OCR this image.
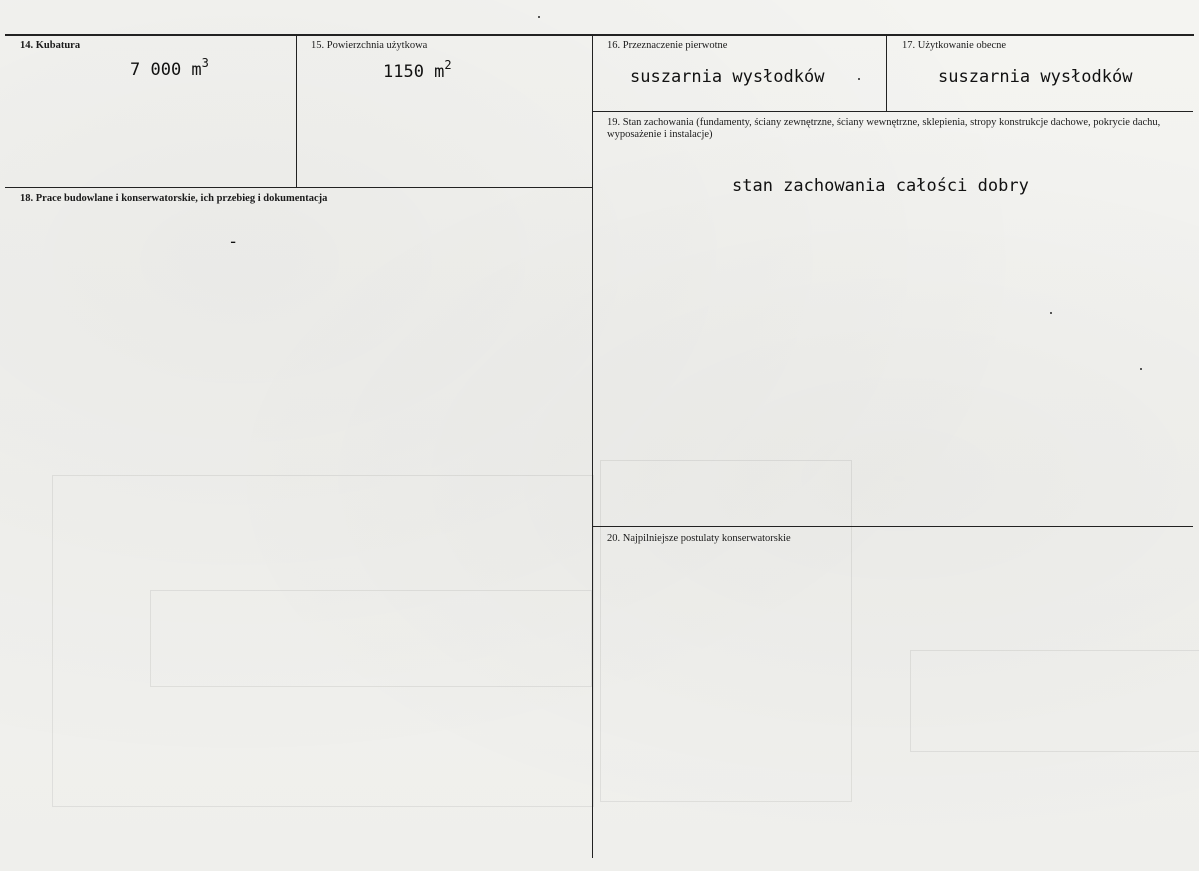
14. Kubatura
7 000 $m^3$
15. Powierzchnia użytkowa
1150 $m^2$
16. Przeznaczenie pierwotne
suszarnia wysłodków
17. Użytkowanie obecne
suszarnia wysłodków
18. Prace budowlane i konserwatorskie, ich przebieg i dokumentacja
-
19. Stan zachowania (fundamenty, ściany zewnętrzne, ściany wewnętrzne, sklepienia, stropy konstrukcje dachowe, pokrycie dachu, wyposażenie i instalacje)
stan zachowania całości dobry
20. Najpilniejsze postulaty konserwatorskie
